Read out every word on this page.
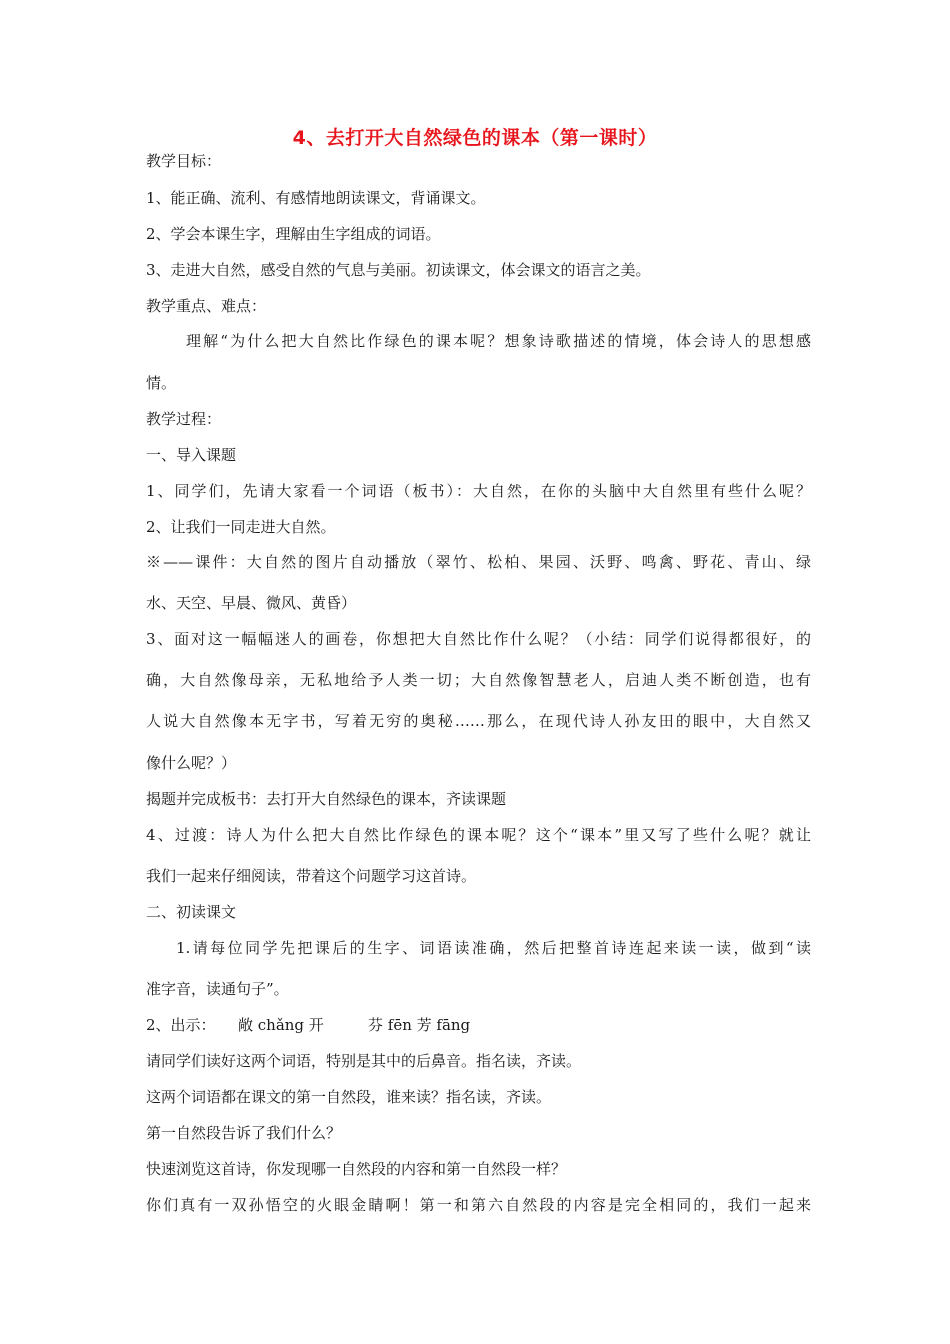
4、去打开大自然绿色的课本（第一课时）
教学目标：
1、能正确、流利、有感情地朗读课文，背诵课文。
2、学会本课生字，理解由生字组成的词语。
3、走进大自然，感受自然的气息与美丽。初读课文，体会课文的语言之美。
教学重点、难点：
理解“为什么把大自然比作绿色的课本呢？想象诗歌描述的情境，体会诗人的思想感
情。
教学过程：
一、导入课题
1、同学们，先请大家看一个词语（板书）：大自然，在你的头脑中大自然里有些什么呢？
2、让我们一同走进大自然。
※——课件：大自然的图片自动播放（翠竹、松柏、果园、沃野、鸣禽、野花、青山、绿
水、天空、早晨、微风、黄昏）
3、面对这一幅幅迷人的画卷，你想把大自然比作什么呢？（小结：同学们说得都很好，的
确，大自然像母亲，无私地给予人类一切；大自然像智慧老人，启迪人类不断创造，也有
人说大自然像本无字书，写着无穷的奥秘……那么，在现代诗人孙友田的眼中，大自然又
像什么呢？）
揭题并完成板书：去打开大自然绿色的课本，齐读课题
4、过渡：诗人为什么把大自然比作绿色的课本呢？这个“课本”里又写了些什么呢？就让
我们一起来仔细阅读，带着这个问题学习这首诗。
二、初读课文
1.请每位同学先把课后的生字、词语读准确，然后把整首诗连起来读一读，做到“读
准字音，读通句子”。
2、出示： 敞 chǎng 开	芬 fēn 芳 fāng
请同学们读好这两个词语，特别是其中的后鼻音。指名读，齐读。
这两个词语都在课文的第一自然段，谁来读？指名读，齐读。
第一自然段告诉了我们什么？
快速浏览这首诗，你发现哪一自然段的内容和第一自然段一样？
你们真有一双孙悟空的火眼金睛啊！第一和第六自然段的内容是完全相同的，我们一起来
